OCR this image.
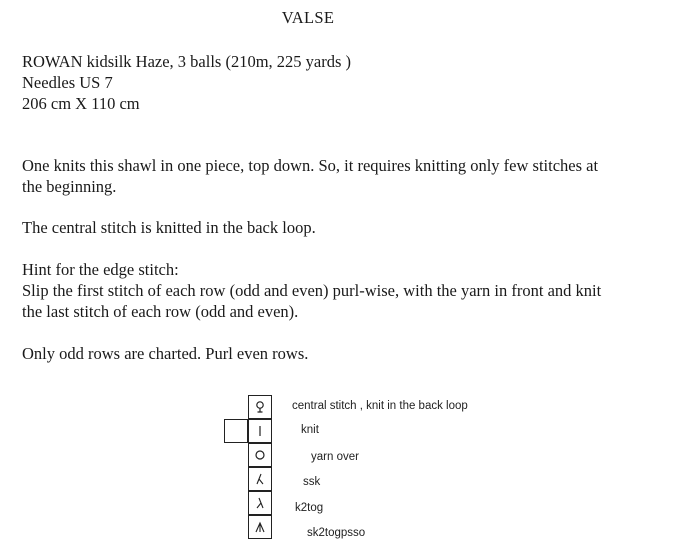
VALSE
ROWAN kidsilk Haze, 3 balls (210m, 225 yards )
Needles US 7
206 cm X 110 cm
One knits this shawl in one piece, top down. So, it requires knitting only few stitches at
the beginning.
The central stitch is knitted in the back loop.
Hint for the edge stitch:
Slip the first stitch of each row (odd and even) purl-wise, with the yarn in front and knit
the last stitch of each row (odd and even).
Only odd rows are charted. Purl even rows.
central stitch , knit in the back loop
knit
yarn over
ssk
k2tog
sk2togpsso
